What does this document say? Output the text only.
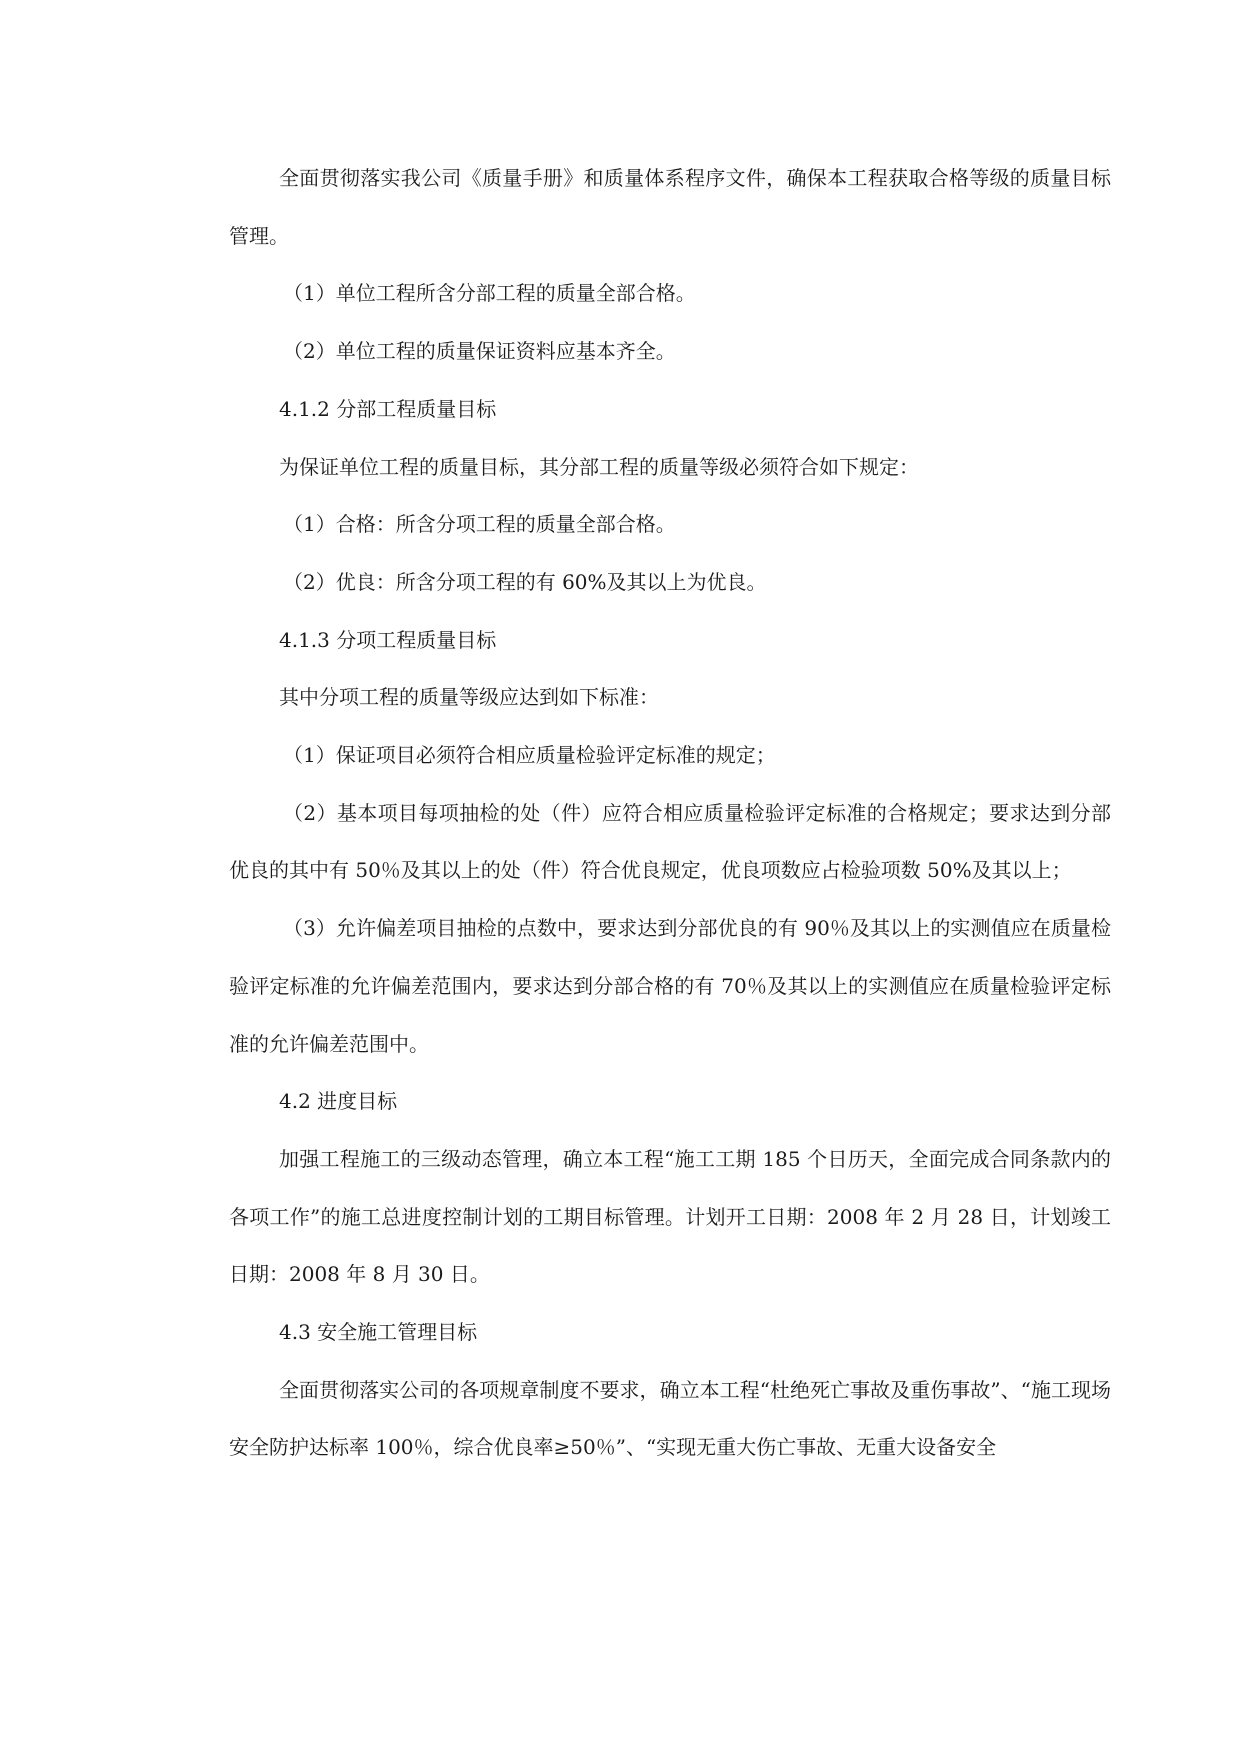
全面贯彻落实我公司《质量手册》和质量体系程序文件，确保本工程获取合格等级的质量目标管理。

（1）单位工程所含分部工程的质量全部合格。

（2）单位工程的质量保证资料应基本齐全。

4.1.2 分部工程质量目标

为保证单位工程的质量目标，其分部工程的质量等级必须符合如下规定：

（1）合格：所含分项工程的质量全部合格。

（2）优良：所含分项工程的有 60%及其以上为优良。

4.1.3 分项工程质量目标

其中分项工程的质量等级应达到如下标准：

（1）保证项目必须符合相应质量检验评定标准的规定；

（2）基本项目每项抽检的处（件）应符合相应质量检验评定标准的合格规定；要求达到分部优良的其中有 50％及其以上的处（件）符合优良规定，优良项数应占检验项数 50%及其以上；

（3）允许偏差项目抽检的点数中，要求达到分部优良的有 90％及其以上的实测值应在质量检验评定标准的允许偏差范围内，要求达到分部合格的有 70％及其以上的实测值应在质量检验评定标准的允许偏差范围中。

4.2 进度目标

加强工程施工的三级动态管理，确立本工程“施工工期 185 个日历天，全面完成合同条款内的各项工作”的施工总进度控制计划的工期目标管理。计划开工日期：2008 年 2 月 28 日，计划竣工日期：2008 年 8 月 30 日。

4.3 安全施工管理目标

全面贯彻落实公司的各项规章制度不要求，确立本工程“杜绝死亡事故及重伤事故”、“施工现场安全防护达标率 100％，综合优良率≥50％”、“实现无重大伤亡事故、无重大设备安全
